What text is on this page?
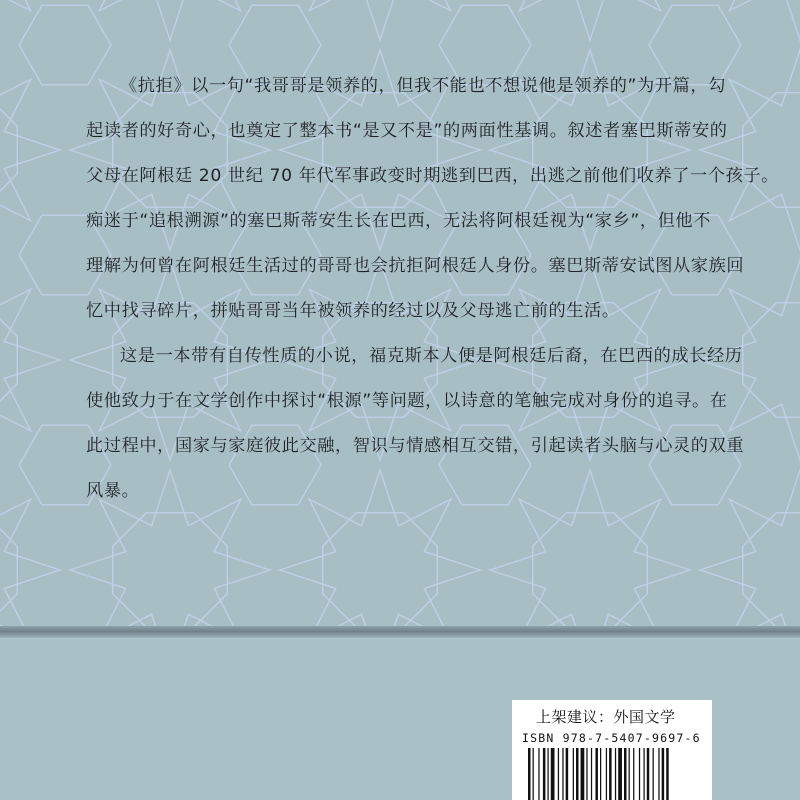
《抗拒》以一句“我哥哥是领养的，但我不能也不想说他是领养的”为开篇，勾
起读者的好奇心，也奠定了整本书“是又不是”的两面性基调。叙述者塞巴斯蒂安的
父母在阿根廷 20 世纪 70 年代军事政变时期逃到巴西，出逃之前他们收养了一个孩子。
痴迷于“追根溯源”的塞巴斯蒂安生长在巴西，无法将阿根廷视为“家乡”，但他不
理解为何曾在阿根廷生活过的哥哥也会抗拒阿根廷人身份。塞巴斯蒂安试图从家族回
忆中找寻碎片，拼贴哥哥当年被领养的经过以及父母逃亡前的生活。
这是一本带有自传性质的小说，福克斯本人便是阿根廷后裔，在巴西的成长经历
使他致力于在文学创作中探讨“根源”等问题，以诗意的笔触完成对身份的追寻。在
此过程中，国家与家庭彼此交融，智识与情感相互交错，引起读者头脑与心灵的双重
风暴。
上架建议：外国文学
ISBN 978-7-5407-9697-6
